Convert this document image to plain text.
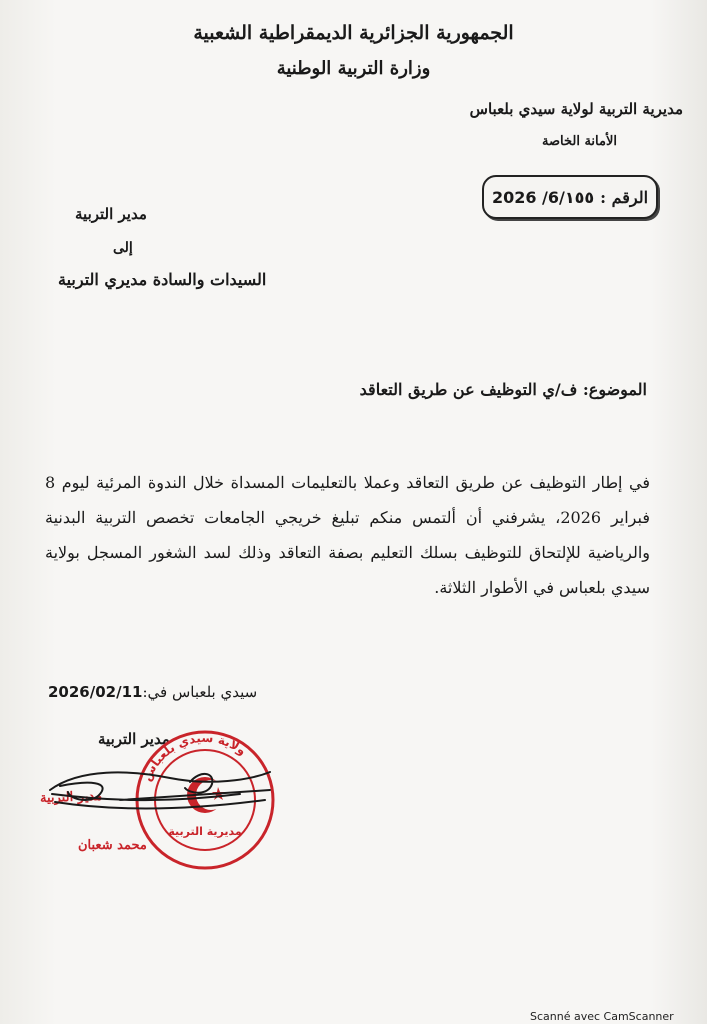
الجمهورية الجزائرية الديمقراطية الشعبية
وزارة التربية الوطنية
مديرية التربية لولاية سيدي بلعباس
الأمانة الخاصة
الرقم :
2026 /6/١٥٥
مدير التربية
إلى
السيدات والسادة مديري التربية
الموضوع: ف/ي التوظيف عن طريق التعاقد
في إطار التوظيف عن طريق التعاقد وعملا بالتعليمات المسداة خلال الندوة المرئية ليوم 8 فبراير 2026، يشرفني أن ألتمس منكم تبليغ خريجي الجامعات تخصص التربية البدنية والرياضية للإلتحاق للتوظيف بسلك التعليم بصفة التعاقد وذلك لسد الشغور المسجل بولاية سيدي بلعباس في الأطوار الثلاثة.
سيدي بلعباس في:2026/02/11
مدير التربية
ولاية سيدي بلعباس
مديرية التربية
مدير التربية
محمد شعبان
Scanné avec CamScanner
